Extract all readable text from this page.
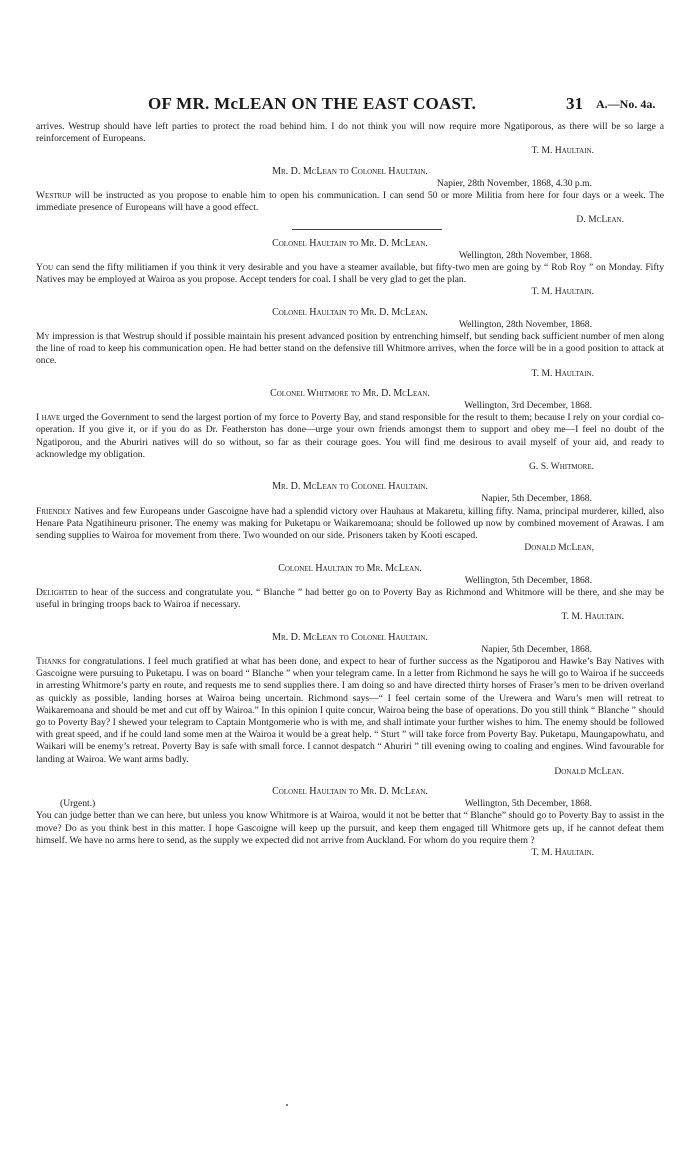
OF MR. McLEAN ON THE EAST COAST.	31 A.—No. 4a.

arrives. Westrup should have left parties to protect the road behind him. I do not think you will now require more Ngatiporous, as there will be so large a reinforcement of Europeans.

T. M. Haultain.

Mr. D. McLean to Colonel Haultain.

Napier, 28th November, 1868, 4.30 p.m.

Westrup will be instructed as you propose to enable him to open his communication. I can send 50 or more Militia from here for four days or a week. The immediate presence of Europeans will have a good effect.

D. McLean.

Colonel Haultain to Mr. D. McLean.

Wellington, 28th November, 1868.

You can send the fifty militiamen if you think it very desirable and you have a steamer available, but fifty-two men are going by “ Rob Roy ” on Monday. Fifty Natives may be employed at Wairoa as you propose. Accept tenders for coal. I shall be very glad to get the plan.

T. M. Haultain.

Colonel Haultain to Mr. D. McLean.

Wellington, 28th November, 1868.

My impression is that Westrup should if possible maintain his present advanced position by entrenching himself, but sending back sufficient number of men along the line of road to keep his communication open. He had better stand on the defensive till Whitmore arrives, when the force will be in a good position to attack at once.

T. M. Haultain.

Colonel Whitmore to Mr. D. McLean.

Wellington, 3rd December, 1868.

I have urged the Government to send the largest portion of my force to Poverty Bay, and stand responsible for the result to them; because I rely on your cordial co-operation. If you give it, or if you do as Dr. Featherston has done—urge your own friends amongst them to support and obey me—I feel no doubt of the Ngatiporou, and the Aburiri natives will do so without, so far as their courage goes. You will find me desirous to avail myself of your aid, and ready to acknowledge my obligation.

G. S. Whitmore.

Mr. D. McLean to Colonel Haultain.

Napier, 5th December, 1868.

Friendly Natives and few Europeans under Gascoigne have had a splendid victory over Hauhaus at Makaretu, killing fifty. Nama, principal murderer, killed, also Henare Pata Ngatihineuru prisoner. The enemy was making for Puketapu or Waikaremoana; should be followed up now by combined movement of Arawas. I am sending supplies to Wairoa for movement from there. Two wounded on our side. Prisoners taken by Kooti escaped.

Donald McLean,

Colonel Haultain to Mr. McLean.

Wellington, 5th December, 1868.

Delighted to hear of the success and congratulate you. “ Blanche ” had better go on to Poverty Bay as Richmond and Whitmore will be there, and she may be useful in bringing troops back to Wairoa if necessary.

T. M. Haultain.

Mr. D. McLean to Colonel Haultain.

Napier, 5th December, 1868.

Thanks for congratulations. I feel much gratified at what has been done, and expect to hear of further success as the Ngatiporou and Hawke’s Bay Natives with Gascoigne were pursuing to Puketapu. I was on board “ Blanche ” when your telegram came. In a letter from Richmond he says he will go to Wairoa if he succeeds in arresting Whitmore’s party en route, and requests me to send supplies there. I am doing so and have directed thirty horses of Fraser’s men to be driven overland as quickly as possible, landing horses at Wairoa being uncertain. Richmond says—“ I feel certain some of the Urewera and Waru’s men will retreat to Waikaremoana and should be met and cut off by Wairoa.” In this opinion I quite concur, Wairoa being the base of operations. Do you still think “ Blanche ” should go to Poverty Bay? I shewed your telegram to Captain Montgomerie who is with me, and shall intimate your further wishes to him. The enemy should be followed with great speed, and if he could land some men at the Wairoa it would be a great help. “ Sturt ” will take force from Poverty Bay. Puketapu, Maungapowhatu, and Waikari will be enemy’s retreat. Poverty Bay is safe with small force. I cannot despatch “ Ahuriri ” till evening owing to coaling and engines. Wind favourable for landing at Wairoa. We want arms badly.

Donald McLean.

Colonel Haultain to Mr. D. McLean.

(Urgent.)	Wellington, 5th December, 1868.

You can judge better than we can here, but unless you know Whitmore is at Wairoa, would it not be better that “ Blanche” should go to Poverty Bay to assist in the move? Do as you think best in this matter. I hope Gascoigne will keep up the pursuit, and keep them engaged till Whitmore gets up, if he cannot defeat them himself. We have no arms here to send, as the supply we expected did not arrive from Auckland. For whom do you require them ?

T. M. Haultain.
